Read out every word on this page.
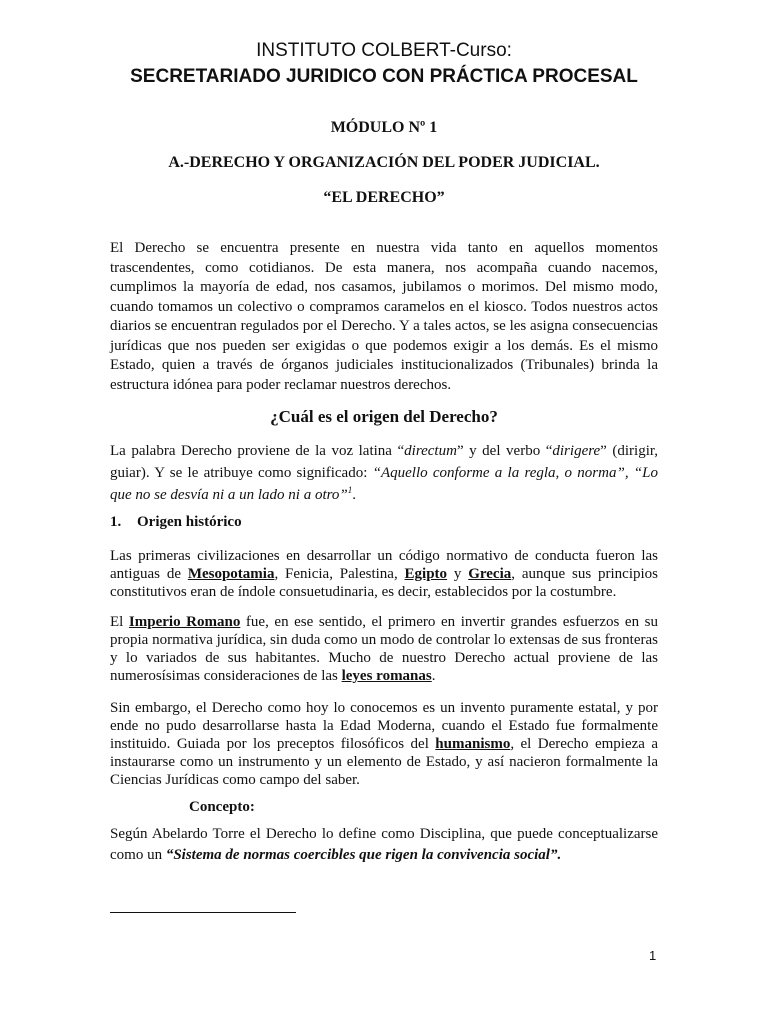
INSTITUTO COLBERT-Curso:
SECRETARIADO JURIDICO CON PRÁCTICA PROCESAL
MÓDULO Nº 1
A.-DERECHO Y ORGANIZACIÓN DEL PODER JUDICIAL.
“EL DERECHO”
El Derecho se encuentra presente en nuestra vida tanto en aquellos momentos trascendentes, como cotidianos. De esta manera, nos acompaña cuando nacemos, cumplimos la mayoría de edad, nos casamos, jubilamos o morimos. Del mismo modo, cuando tomamos un colectivo o compramos caramelos en el kiosco. Todos nuestros actos diarios se encuentran regulados por el Derecho. Y a tales actos, se les asigna consecuencias jurídicas que nos pueden ser exigidas o que podemos exigir a los demás. Es el mismo Estado, quien a través de órganos judiciales institucionalizados (Tribunales) brinda la estructura idónea para poder reclamar nuestros derechos.
¿Cuál es el origen del Derecho?
La palabra Derecho proviene de la voz latina “directum” y del verbo “dirigere” (dirigir, guiar). Y se le atribuye como significado: “Aquello conforme a la regla, o norma”, “Lo que no se desvía ni a un lado ni a otro”$^1$.
1. Origen histórico
Las primeras civilizaciones en desarrollar un código normativo de conducta fueron las antiguas de Mesopotamia, Fenicia, Palestina, Egipto y Grecia, aunque sus principios constitutivos eran de índole consuetudinaria, es decir, establecidos por la costumbre.
El Imperio Romano fue, en ese sentido, el primero en invertir grandes esfuerzos en su propia normativa jurídica, sin duda como un modo de controlar lo extensas de sus fronteras y lo variados de sus habitantes. Mucho de nuestro Derecho actual proviene de las numerosísimas consideraciones de las leyes romanas.
Sin embargo, el Derecho como hoy lo conocemos es un invento puramente estatal, y por ende no pudo desarrollarse hasta la Edad Moderna, cuando el Estado fue formalmente instituido. Guiada por los preceptos filosóficos del humanismo, el Derecho empieza a instaurarse como un instrumento y un elemento de Estado, y así nacieron formalmente la Ciencias Jurídicas como campo del saber.
Concepto:
Según Abelardo Torre el Derecho lo define como Disciplina, que puede conceptualizarse como un “Sistema de normas coercibles que rigen la convivencia social”.
1
